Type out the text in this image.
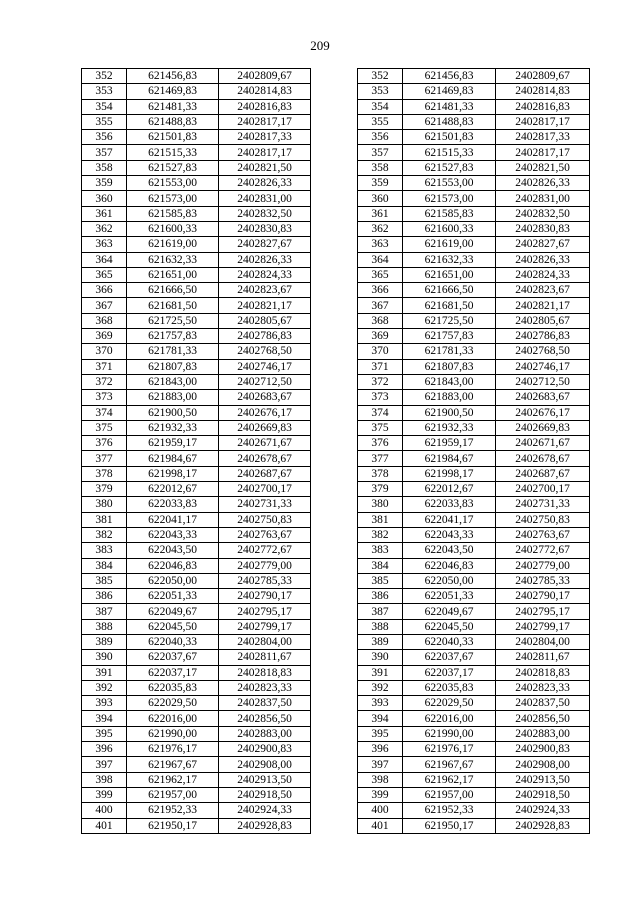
209
352	621456,83	2402809,67
353	621469,83	2402814,83
354	621481,33	2402816,83
355	621488,83	2402817,17
356	621501,83	2402817,33
357	621515,33	2402817,17
358	621527,83	2402821,50
359	621553,00	2402826,33
360	621573,00	2402831,00
361	621585,83	2402832,50
362	621600,33	2402830,83
363	621619,00	2402827,67
364	621632,33	2402826,33
365	621651,00	2402824,33
366	621666,50	2402823,67
367	621681,50	2402821,17
368	621725,50	2402805,67
369	621757,83	2402786,83
370	621781,33	2402768,50
371	621807,83	2402746,17
372	621843,00	2402712,50
373	621883,00	2402683,67
374	621900,50	2402676,17
375	621932,33	2402669,83
376	621959,17	2402671,67
377	621984,67	2402678,67
378	621998,17	2402687,67
379	622012,67	2402700,17
380	622033,83	2402731,33
381	622041,17	2402750,83
382	622043,33	2402763,67
383	622043,50	2402772,67
384	622046,83	2402779,00
385	622050,00	2402785,33
386	622051,33	2402790,17
387	622049,67	2402795,17
388	622045,50	2402799,17
389	622040,33	2402804,00
390	622037,67	2402811,67
391	622037,17	2402818,83
392	622035,83	2402823,33
393	622029,50	2402837,50
394	622016,00	2402856,50
395	621990,00	2402883,00
396	621976,17	2402900,83
397	621967,67	2402908,00
398	621962,17	2402913,50
399	621957,00	2402918,50
400	621952,33	2402924,33
401	621950,17	2402928,83
352	621456,83	2402809,67
353	621469,83	2402814,83
354	621481,33	2402816,83
355	621488,83	2402817,17
356	621501,83	2402817,33
357	621515,33	2402817,17
358	621527,83	2402821,50
359	621553,00	2402826,33
360	621573,00	2402831,00
361	621585,83	2402832,50
362	621600,33	2402830,83
363	621619,00	2402827,67
364	621632,33	2402826,33
365	621651,00	2402824,33
366	621666,50	2402823,67
367	621681,50	2402821,17
368	621725,50	2402805,67
369	621757,83	2402786,83
370	621781,33	2402768,50
371	621807,83	2402746,17
372	621843,00	2402712,50
373	621883,00	2402683,67
374	621900,50	2402676,17
375	621932,33	2402669,83
376	621959,17	2402671,67
377	621984,67	2402678,67
378	621998,17	2402687,67
379	622012,67	2402700,17
380	622033,83	2402731,33
381	622041,17	2402750,83
382	622043,33	2402763,67
383	622043,50	2402772,67
384	622046,83	2402779,00
385	622050,00	2402785,33
386	622051,33	2402790,17
387	622049,67	2402795,17
388	622045,50	2402799,17
389	622040,33	2402804,00
390	622037,67	2402811,67
391	622037,17	2402818,83
392	622035,83	2402823,33
393	622029,50	2402837,50
394	622016,00	2402856,50
395	621990,00	2402883,00
396	621976,17	2402900,83
397	621967,67	2402908,00
398	621962,17	2402913,50
399	621957,00	2402918,50
400	621952,33	2402924,33
401	621950,17	2402928,83
